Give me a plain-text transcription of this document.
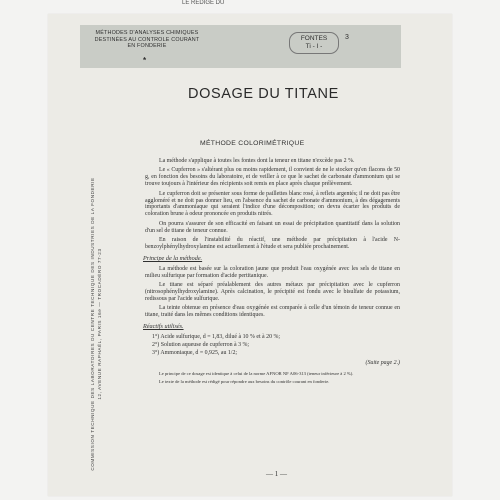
LE RÉDIGÉ DU
MÉTHODES D'ANALYSES CHIMIQUES
DESTINÉES AU CONTROLE COURANT
EN FONDERIE
*
FONTES
Ti - I -
3
DOSAGE DU TITANE
MÉTHODE COLORIMÉTRIQUE
COMMISSION TECHNIQUE DES LABORATOIRES DU CENTRE TECHNIQUE DES INDUSTRIES DE LA FONDERIE 12, AVENUE RAPHAËL, PARIS 16e — TROCADÉRO 77-23

La méthode s'applique à toutes les fontes dont la teneur en titane n'excède pas 2 %.

Le « Cupferron » s'altérant plus ou moins rapidement, il convient de ne le stocker qu'en flacons de 50 g, en fonction des besoins du laboratoire, et de veiller à ce que le sachet de carbonate d'ammonium qui se trouve toujours à l'intérieur des récipients soit remis en place après chaque prélèvement.

Le cupferron doit se présenter sous forme de paillettes blanc rosé, à reflets argentés; il ne doit pas être aggloméré et ne doit pas donner lieu, en l'absence du sachet de carbonate d'ammonium, à des dégagements importants d'ammoniaque qui seraient l'indice d'une décomposition; on devra écarter les produits de coloration brune à odeur prononcée en produits nitrés.

On pourra s'assurer de son efficacité en faisant un essai de précipitation quantitatif dans la solution d'un sel de titane de teneur connue.

En raison de l'instabilité du réactif, une méthode par précipitation à l'acide N-benzoylphénylhydroxylamine est actuellement à l'étude et sera publiée prochainement.

Principe de la méthode.

La méthode est basée sur la coloration jaune que produit l'eau oxygénée avec les sels de titane en milieu sulfurique par formation d'acide pertitanique.

Le titane est séparé préalablement des autres métaux par précipitation avec le cupferron (nitrosophénylhydroxylamine). Après calcination, le précipité est fondu avec le bisulfate de potassium, redissous par l'acide sulfurique.

La teinte obtenue en présence d'eau oxygénée est comparée à celle d'un témoin de teneur connue en titane, traité dans les mêmes conditions identiques.

Réactifs utilisés.

1°) Acide sulfurique, d = 1,83, dilué à 10 % et à 20 %;

2°) Solution aqueuse de cupferron à 3 %;

3°) Ammoniaque, d = 0,925, au 1/2;

(Suite page 2.)

Le principe de ce dosage est identique à celui de la norme AFNOR NF A06-313 (teneur inférieure à 2 %).

Le texte de la méthode est rédigé pour répondre aux besoins du contrôle courant en fonderie.

— 1 —
